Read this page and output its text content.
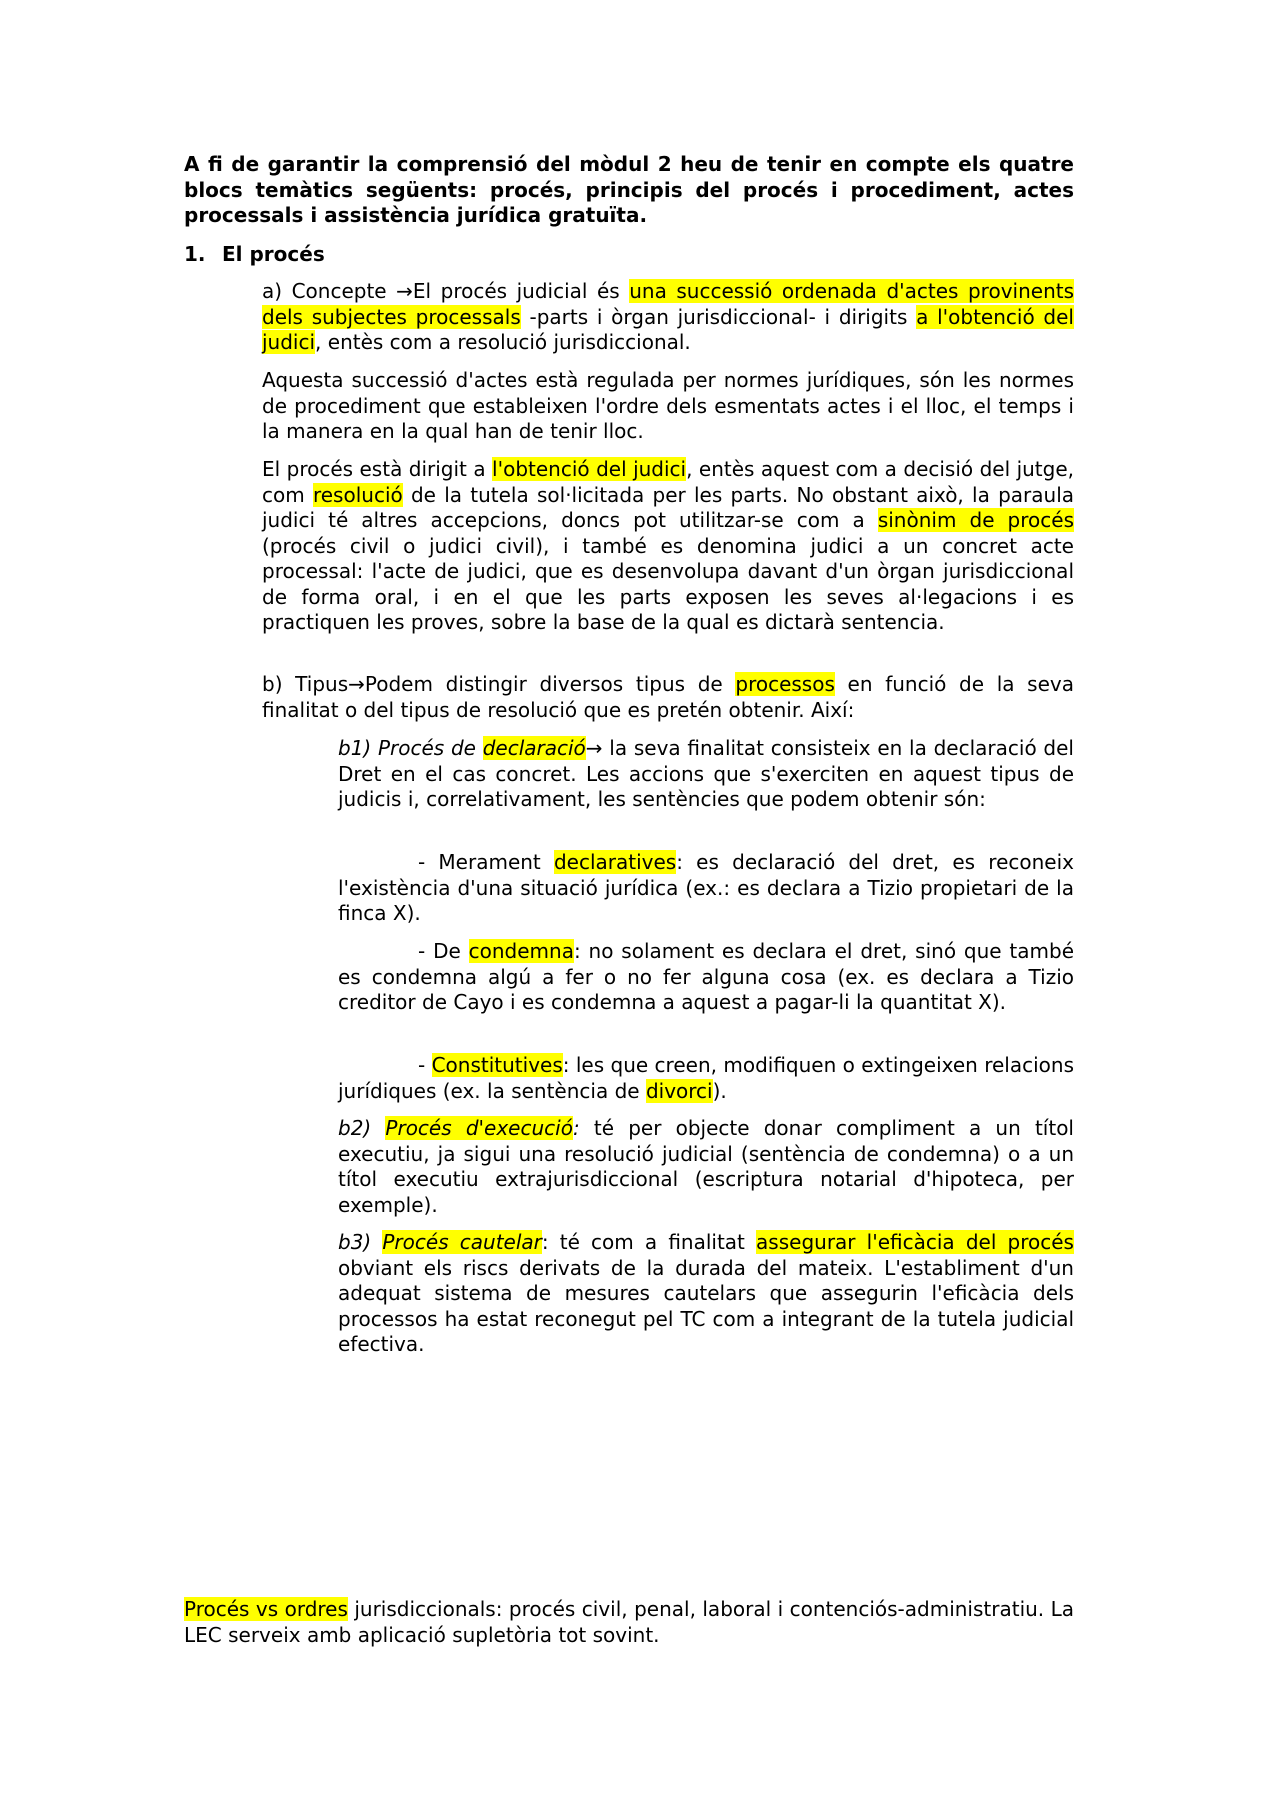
A fi de garantir la comprensió del mòdul 2 heu de tenir en compte els quatre blocs temàtics següents: procés, principis del procés i procediment, actes processals i assistència jurídica gratuïta.

1. El procés

a) Concepte →El procés judicial és una successió ordenada d'actes provinents dels subjectes processals -parts i òrgan jurisdiccional- i dirigits a l'obtenció del judici, entès com a resolució jurisdiccional.

Aquesta successió d'actes està regulada per normes jurídiques, són les normes de procediment que estableixen l'ordre dels esmentats actes i el lloc, el temps i la manera en la qual han de tenir lloc.

El procés està dirigit a l'obtenció del judici, entès aquest com a decisió del jutge, com resolució de la tutela sol·licitada per les parts. No obstant això, la paraula judici té altres accepcions, doncs pot utilitzar-se com a sinònim de procés (procés civil o judici civil), i també es denomina judici a un concret acte processal: l'acte de judici, que es desenvolupa davant d'un òrgan jurisdiccional de forma oral, i en el que les parts exposen les seves al·legacions i es practiquen les proves, sobre la base de la qual es dictarà sentencia.

b) Tipus→Podem distingir diversos tipus de processos en funció de la seva finalitat o del tipus de resolució que es pretén obtenir. Així:

b1) Procés de declaració→ la seva finalitat consisteix en la declaració del Dret en el cas concret. Les accions que s'exerciten en aquest tipus de judicis i, correlativament, les sentències que podem obtenir són:

- Merament declaratives: es declaració del dret, es reconeix l'existència d'una situació jurídica (ex.: es declara a Tizio propietari de la finca X).

- De condemna: no solament es declara el dret, sinó que també es condemna algú a fer o no fer alguna cosa (ex. es declara a Tizio creditor de Cayo i es condemna a aquest a pagar-li la quantitat X).

- Constitutives: les que creen, modifiquen o extingeixen relacions jurídiques (ex. la sentència de divorci).

b2) Procés d'execució: té per objecte donar compliment a un títol executiu, ja sigui una resolució judicial (sentència de condemna) o a un títol executiu extrajurisdiccional (escriptura notarial d'hipoteca, per exemple).

b3) Procés cautelar: té com a finalitat assegurar l'eficàcia del procés obviant els riscs derivats de la durada del mateix. L'establiment d'un adequat sistema de mesures cautelars que assegurin l'eficàcia dels processos ha estat reconegut pel TC com a integrant de la tutela judicial efectiva.

Procés vs ordres jurisdiccionals: procés civil, penal, laboral i contenciós-administratiu. La LEC serveix amb aplicació supletòria tot sovint.
